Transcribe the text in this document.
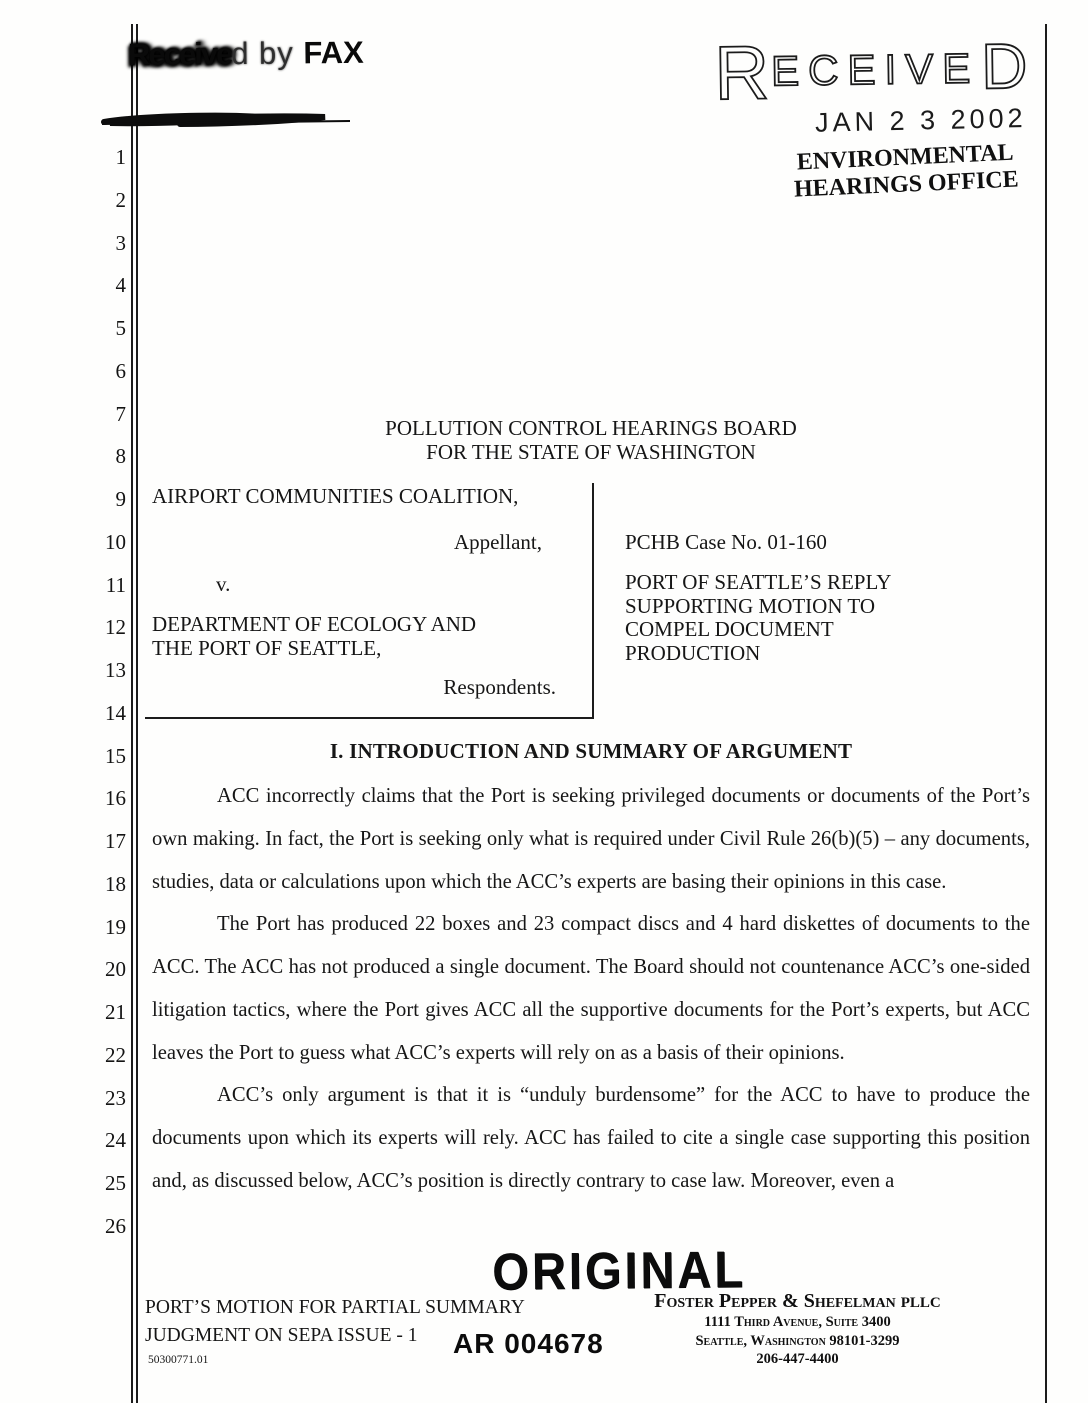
1
2
3
4
5
6
7
8
9
10
11
12
13
14
15
16
17
18
19
20
21
22
23
24
25
26
Received by FAX	R ECEIVE D
JAN 2 3 2002
ENVIRONMENTAL
HEARINGS OFFICE
POLLUTION CONTROL HEARINGS BOARD
FOR THE STATE OF WASHINGTON
AIRPORT COMMUNITIES COALITION,
Appellant,
v.
DEPARTMENT OF ECOLOGY AND
THE PORT OF SEATTLE,
Respondents.
PCHB Case No. 01-160
PORT OF SEATTLE’S REPLY
SUPPORTING MOTION TO
COMPEL DOCUMENT
PRODUCTION
I. INTRODUCTION AND SUMMARY OF ARGUMENT

ACC incorrectly claims that the Port is seeking privileged documents or documents of the Port’s own making. In fact, the Port is seeking only what is required under Civil Rule 26(b)(5) – any documents, studies, data or calculations upon which the ACC’s experts are basing their opinions in this case.

The Port has produced 22 boxes and 23 compact discs and 4 hard diskettes of documents to the ACC. The ACC has not produced a single document. The Board should not countenance ACC’s one-sided litigation tactics, where the Port gives ACC all the supportive documents for the Port’s experts, but ACC leaves the Port to guess what ACC’s experts will rely on as a basis of their opinions.

ACC’s only argument is that it is “unduly burdensome” for the ACC to have to produce the documents upon which its experts will rely. ACC has failed to cite a single case supporting this position and, as discussed below, ACC’s position is directly contrary to case law. Moreover, even a

ORIGINAL
PORT’S MOTION FOR PARTIAL SUMMARY
JUDGMENT ON SEPA ISSUE - 1	AR 004678
50300771.01
Foster Pepper & Shefelman PLLC
1111 Third Avenue, Suite 3400
Seattle, Washington 98101-3299
206-447-4400
